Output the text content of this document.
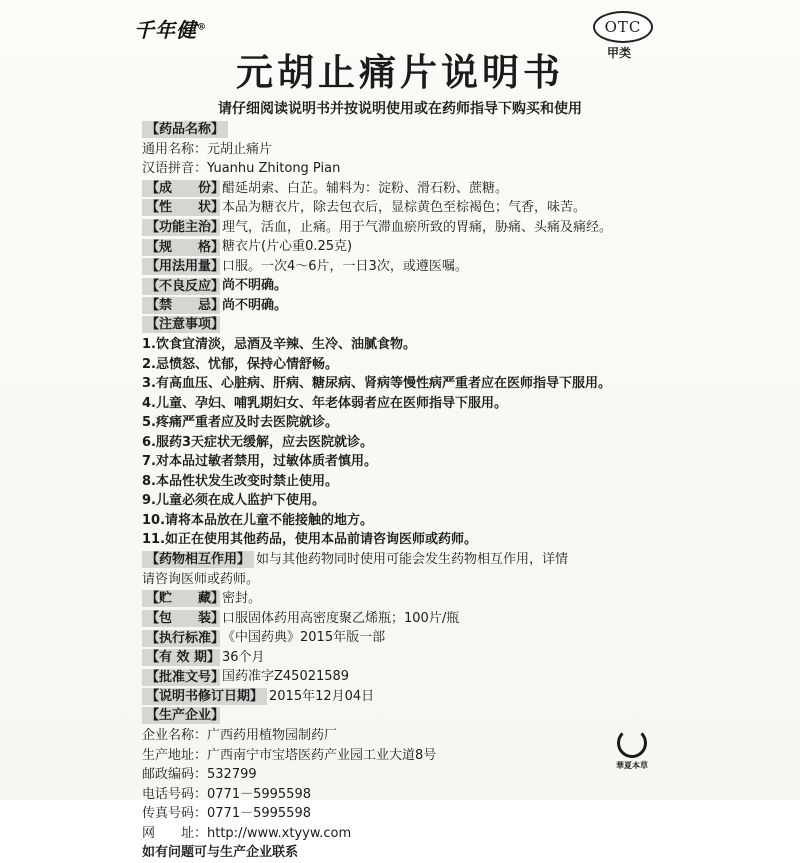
千年健®	OTC
甲类
元胡止痛片说明书
请仔细阅读说明书并按说明使用或在药师指导下购买和使用
【药品名称】
通用名称：元胡止痛片
汉语拼音：Yuanhu Zhitong Pian
【成　　份】醋延胡索、白芷。辅料为：淀粉、滑石粉、蔗糖。
【性　　状】本品为糖衣片，除去包衣后，显棕黄色至棕褐色；气香，味苦。
【功能主治】理气，活血，止痛。用于气滞血瘀所致的胃痛，胁痛、头痛及痛经。
【规　　格】糖衣片(片心重0.25克)
【用法用量】口服。一次4～6片，一日3次，或遵医嘱。
【不良反应】尚不明确。
【禁　　忌】尚不明确。
【注意事项】
1.饮食宜清淡，忌酒及辛辣、生冷、油腻食物。
2.忌愤怒、忧郁，保持心情舒畅。
3.有高血压、心脏病、肝病、糖尿病、肾病等慢性病严重者应在医师指导下服用。
4.儿童、孕妇、哺乳期妇女、年老体弱者应在医师指导下服用。
5.疼痛严重者应及时去医院就诊。
6.服药3天症状无缓解，应去医院就诊。
7.对本品过敏者禁用，过敏体质者慎用。
8.本品性状发生改变时禁止使用。
9.儿童必须在成人监护下使用。
10.请将本品放在儿童不能接触的地方。
11.如正在使用其他药品，使用本品前请咨询医师或药师。
【药物相互作用】 如与其他药物同时使用可能会发生药物相互作用，详情
请咨询医师或药师。
【贮　　藏】密封。
【包　　装】口服固体药用高密度聚乙烯瓶；100片/瓶
【执行标准】《中国药典》2015年版一部
【有 效 期】 36个月
【批准文号】国药准字Z45021589
【说明书修订日期】 2015年12月04日
【生产企业】
企业名称：广西药用植物园制药厂
生产地址：广西南宁市宝塔医药产业园工业大道8号
邮政编码：532799
电话号码：0771－5995598
传真号码：0771－5995598
网　　址：http://www.xtyyw.com
如有问题可与生产企业联系
華夏本草
